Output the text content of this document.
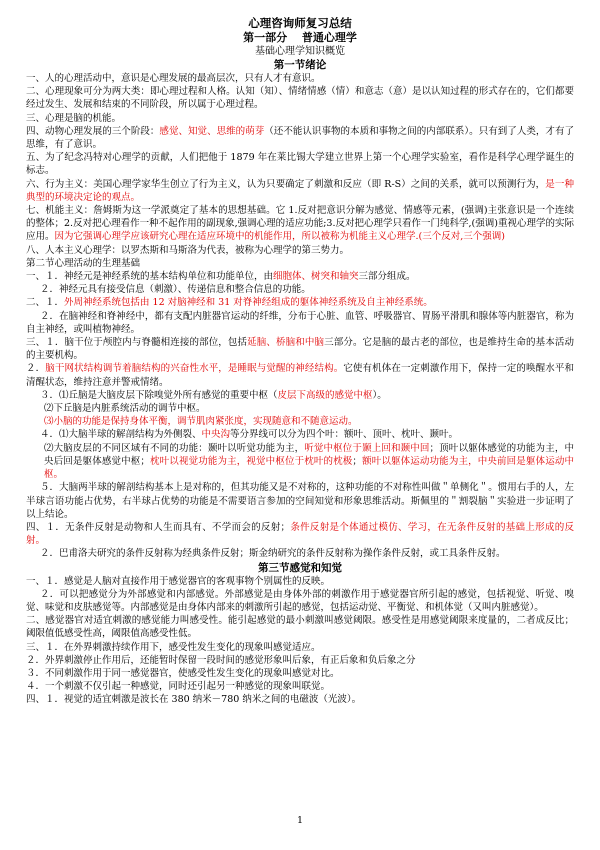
心理咨询师复习总结
第一部分　 普通心理学
基础心理学知识概览
第一节绪论

一、人的心理活动中，意识是心理发展的最高层次，只有人才有意识。

二、心理现象可分为两大类：即心理过程和人格。认知（知）、情绪情感（情）和意志（意）是以认知过程的形式存在的，它们都要经过发生、发展和结束的不同阶段，所以属于心理过程。

三、心理是脑的机能。

四、动物心理发展的三个阶段：感觉、知觉、思维的萌芽（还不能认识事物的本质和事物之间的内部联系）。只有到了人类，才有了思维，有了意识。

五、为了纪念冯特对心理学的贡献，人们把他于 1879 年在莱比锡大学建立世界上第一个心理学实验室，看作是科学心理学诞生的标志。

六、行为主义：美国心理学家华生创立了行为主义，认为只要确定了刺激和反应（即 R-S）之间的关系，就可以预测行为，是一种典型的环境决定论的观点。

七、机能主义：詹姆斯为这一学派奠定了基本的思想基础。它 1.反对把意识分解为感觉、情感等元素，(强调)主张意识是一个连续的整体；2.反对把心理看作一种不起作用的副现象,强调心理的适应功能;3.反对把心理学只看作一门纯科学,(强调)重视心理学的实际应用。因为它强调心理学应该研究心理在适应环境中的机能作用，所以被称为机能主义心理学.(三个反对,三个强调)

八、人本主义心理学：以罗杰斯和马斯洛为代表，被称为心理学的第三势力。

第二节心理活动的生理基础

一、１．神经元是神经系统的基本结构单位和功能单位，由细胞体、树突和轴突三部分组成。

２．神经元具有接受信息（刺激）、传递信息和整合信息的功能。

二、１．外周神经系统包括由 12 对脑神经和 31 对脊神经组成的躯体神经系统及自主神经系统。

２．在脑神经和脊神经中，都有支配内脏器官运动的纤维，分布于心脏、血管、呼吸器官、胃肠平滑肌和腺体等内脏器官，称为自主神经，或叫植物神经。

三、１．脑干位于颅腔内与脊髓相连接的部位，包括延脑、桥脑和中脑三部分。它是脑的最古老的部位，也是维持生命的基本活动的主要机构。

２．脑干网状结构调节着脑结构的兴奋性水平，是睡眠与觉醒的神经结构。它使有机体在一定刺激作用下，保持一定的唤醒水平和清醒状态，维持注意并警戒情绪。

３．⑴丘脑是大脑皮层下除嗅觉外所有感觉的重要中枢（皮层下高级的感觉中枢）。

⑵下丘脑是内脏系统活动的调节中枢。

⑶小脑的功能是保持身体平衡，调节肌肉紧张度，实现随意和不随意运动。

４．⑴大脑半球的解剖结构为外侧裂、中央沟等分界线可以分为四个叶：额叶、顶叶、枕叶、颞叶。

⑵大脑皮层的不同区域有不同的功能：颞叶以听觉功能为主，听觉中枢位于颞上回和颞中回；顶叶以躯体感觉的功能为主，中央后回是躯体感觉中枢；枕叶以视觉功能为主，视觉中枢位于枕叶的枕极；额叶以躯体运动功能为主，中央前回是躯体运动中枢。

５．大脑两半球的解剖结构基本上是对称的，但其功能又是不对称的，这种功能的不对称性叫做＂单侧化＂。惯用右手的人，左半球言语功能占优势，右半球占优势的功能是不需要语言参加的空间知觉和形象思维活动。斯佩里的＂割裂脑＂实验进一步证明了以上结论。

四、１．无条件反射是动物和人生而具有、不学而会的反射；条件反射是个体通过模仿、学习，在无条件反射的基础上形成的反射。

２．巴甫洛夫研究的条件反射称为经典条件反射；斯金纳研究的条件反射称为操作条件反射，或工具条件反射。

第三节感觉和知觉

一、１．感觉是人脑对直接作用于感觉器官的客观事物个别属性的反映。

２．可以把感觉分为外部感觉和内部感觉。外部感觉是由身体外部的刺激作用于感觉器官所引起的感觉，包括视觉、听觉、嗅觉、味觉和皮肤感觉等。内部感觉是由身体内部来的刺激所引起的感觉，包括运动觉、平衡觉、和机体觉（又叫内脏感觉）。

二、感觉器官对适宜刺激的感觉能力叫感受性。能引起感觉的最小刺激叫感觉阈限。感受性是用感觉阈限来度量的，二者成反比；阈限值低感受性高，阈限值高感受性低。

三、１．在外界刺激持续作用下，感受性发生变化的现象叫感觉适应。

２．外界刺激停止作用后，还能暂时保留一段时间的感觉形象叫后象，有正后象和负后象之分

３．不同刺激作用于同一感觉器官，使感受性发生变化的现象叫感觉对比。

４．一个刺激不仅引起一种感觉，同时还引起另一种感觉的现象叫联觉。

四、１．视觉的适宜刺激是波长在 380 纳米－780 纳米之间的电磁波（光波）。

1
